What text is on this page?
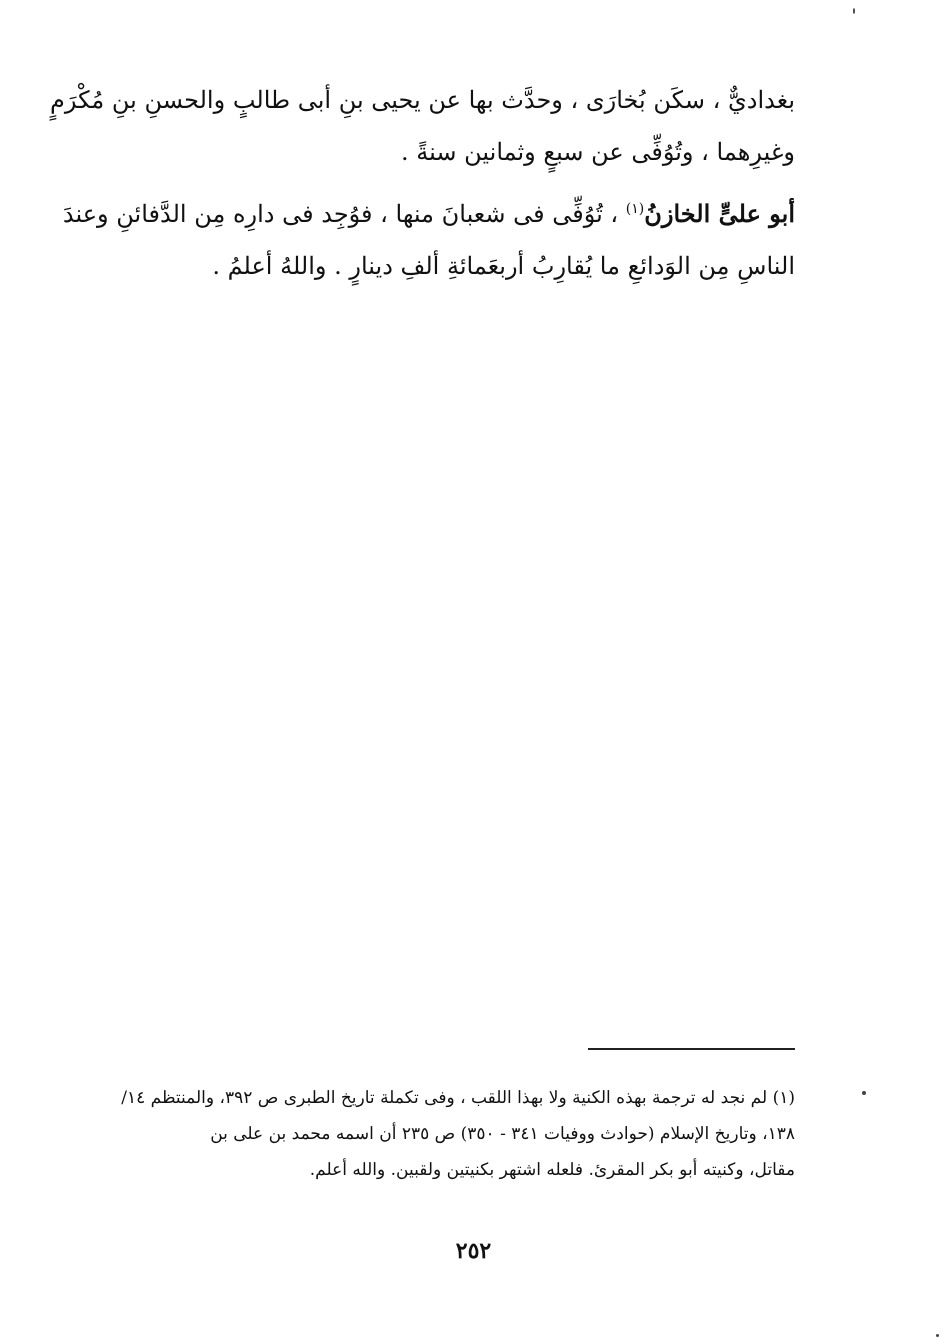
بغداديٌّ ، سكَن بُخارَى ، وحدَّث بها عن يحيى بنِ أبى طالبٍ والحسنِ بنِ مُكْرَمٍ
وغيرِهما ، وتُوُفِّى عن سبعٍ وثمانين سنةً .
أبو علىٍّ الخازنُ$^{(١)}$ ، تُوُفِّى فى شعبانَ منها ، فوُجِد فى دارِه مِن الدَّفائنِ وعندَ
الناسِ مِن الوَدائعِ ما يُقارِبُ أربعَمائةِ ألفِ دينارٍ . واللهُ أعلمُ .
(١) لم نجد له ترجمة بهذه الكنية ولا بهذا اللقب ، وفى تكملة تاريخ الطبرى ص ٣٩٢، والمنتظم ١٤/
١٣٨، وتاريخ الإسلام (حوادث ووفيات ٣٤١ - ٣٥٠) ص ٢٣٥ أن اسمه محمد بن على بن
مقاتل، وكنيته أبو بكر المقرئ. فلعله اشتهر بكنيتين ولقبين. والله أعلم.
٢٥٢
